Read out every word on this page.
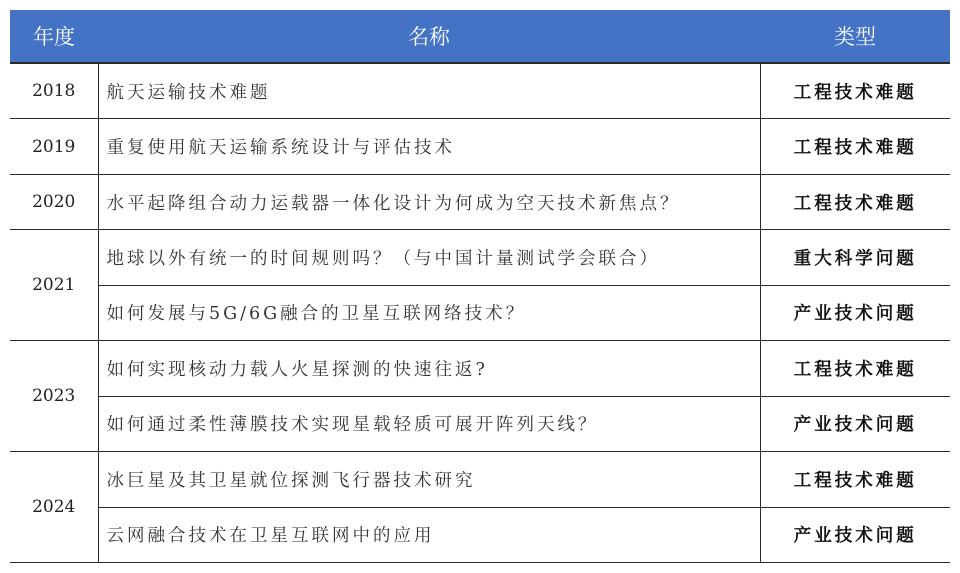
年度	名称	类型
2018	航天运输技术难题	工程技术难题
2019	重复使用航天运输系统设计与评估技术	工程技术难题
2020	水平起降组合动力运载器一体化设计为何成为空天技术新焦点？	工程技术难题
2021	地球以外有统一的时间规则吗？（与中国计量测试学会联合）	重大科学问题
	如何发展与5G/6G融合的卫星互联网络技术？	产业技术问题
2023	如何实现核动力载人火星探测的快速往返?	工程技术难题
	如何通过柔性薄膜技术实现星载轻质可展开阵列天线？	产业技术问题
2024	冰巨星及其卫星就位探测飞行器技术研究	工程技术难题
	云网融合技术在卫星互联网中的应用	产业技术问题
